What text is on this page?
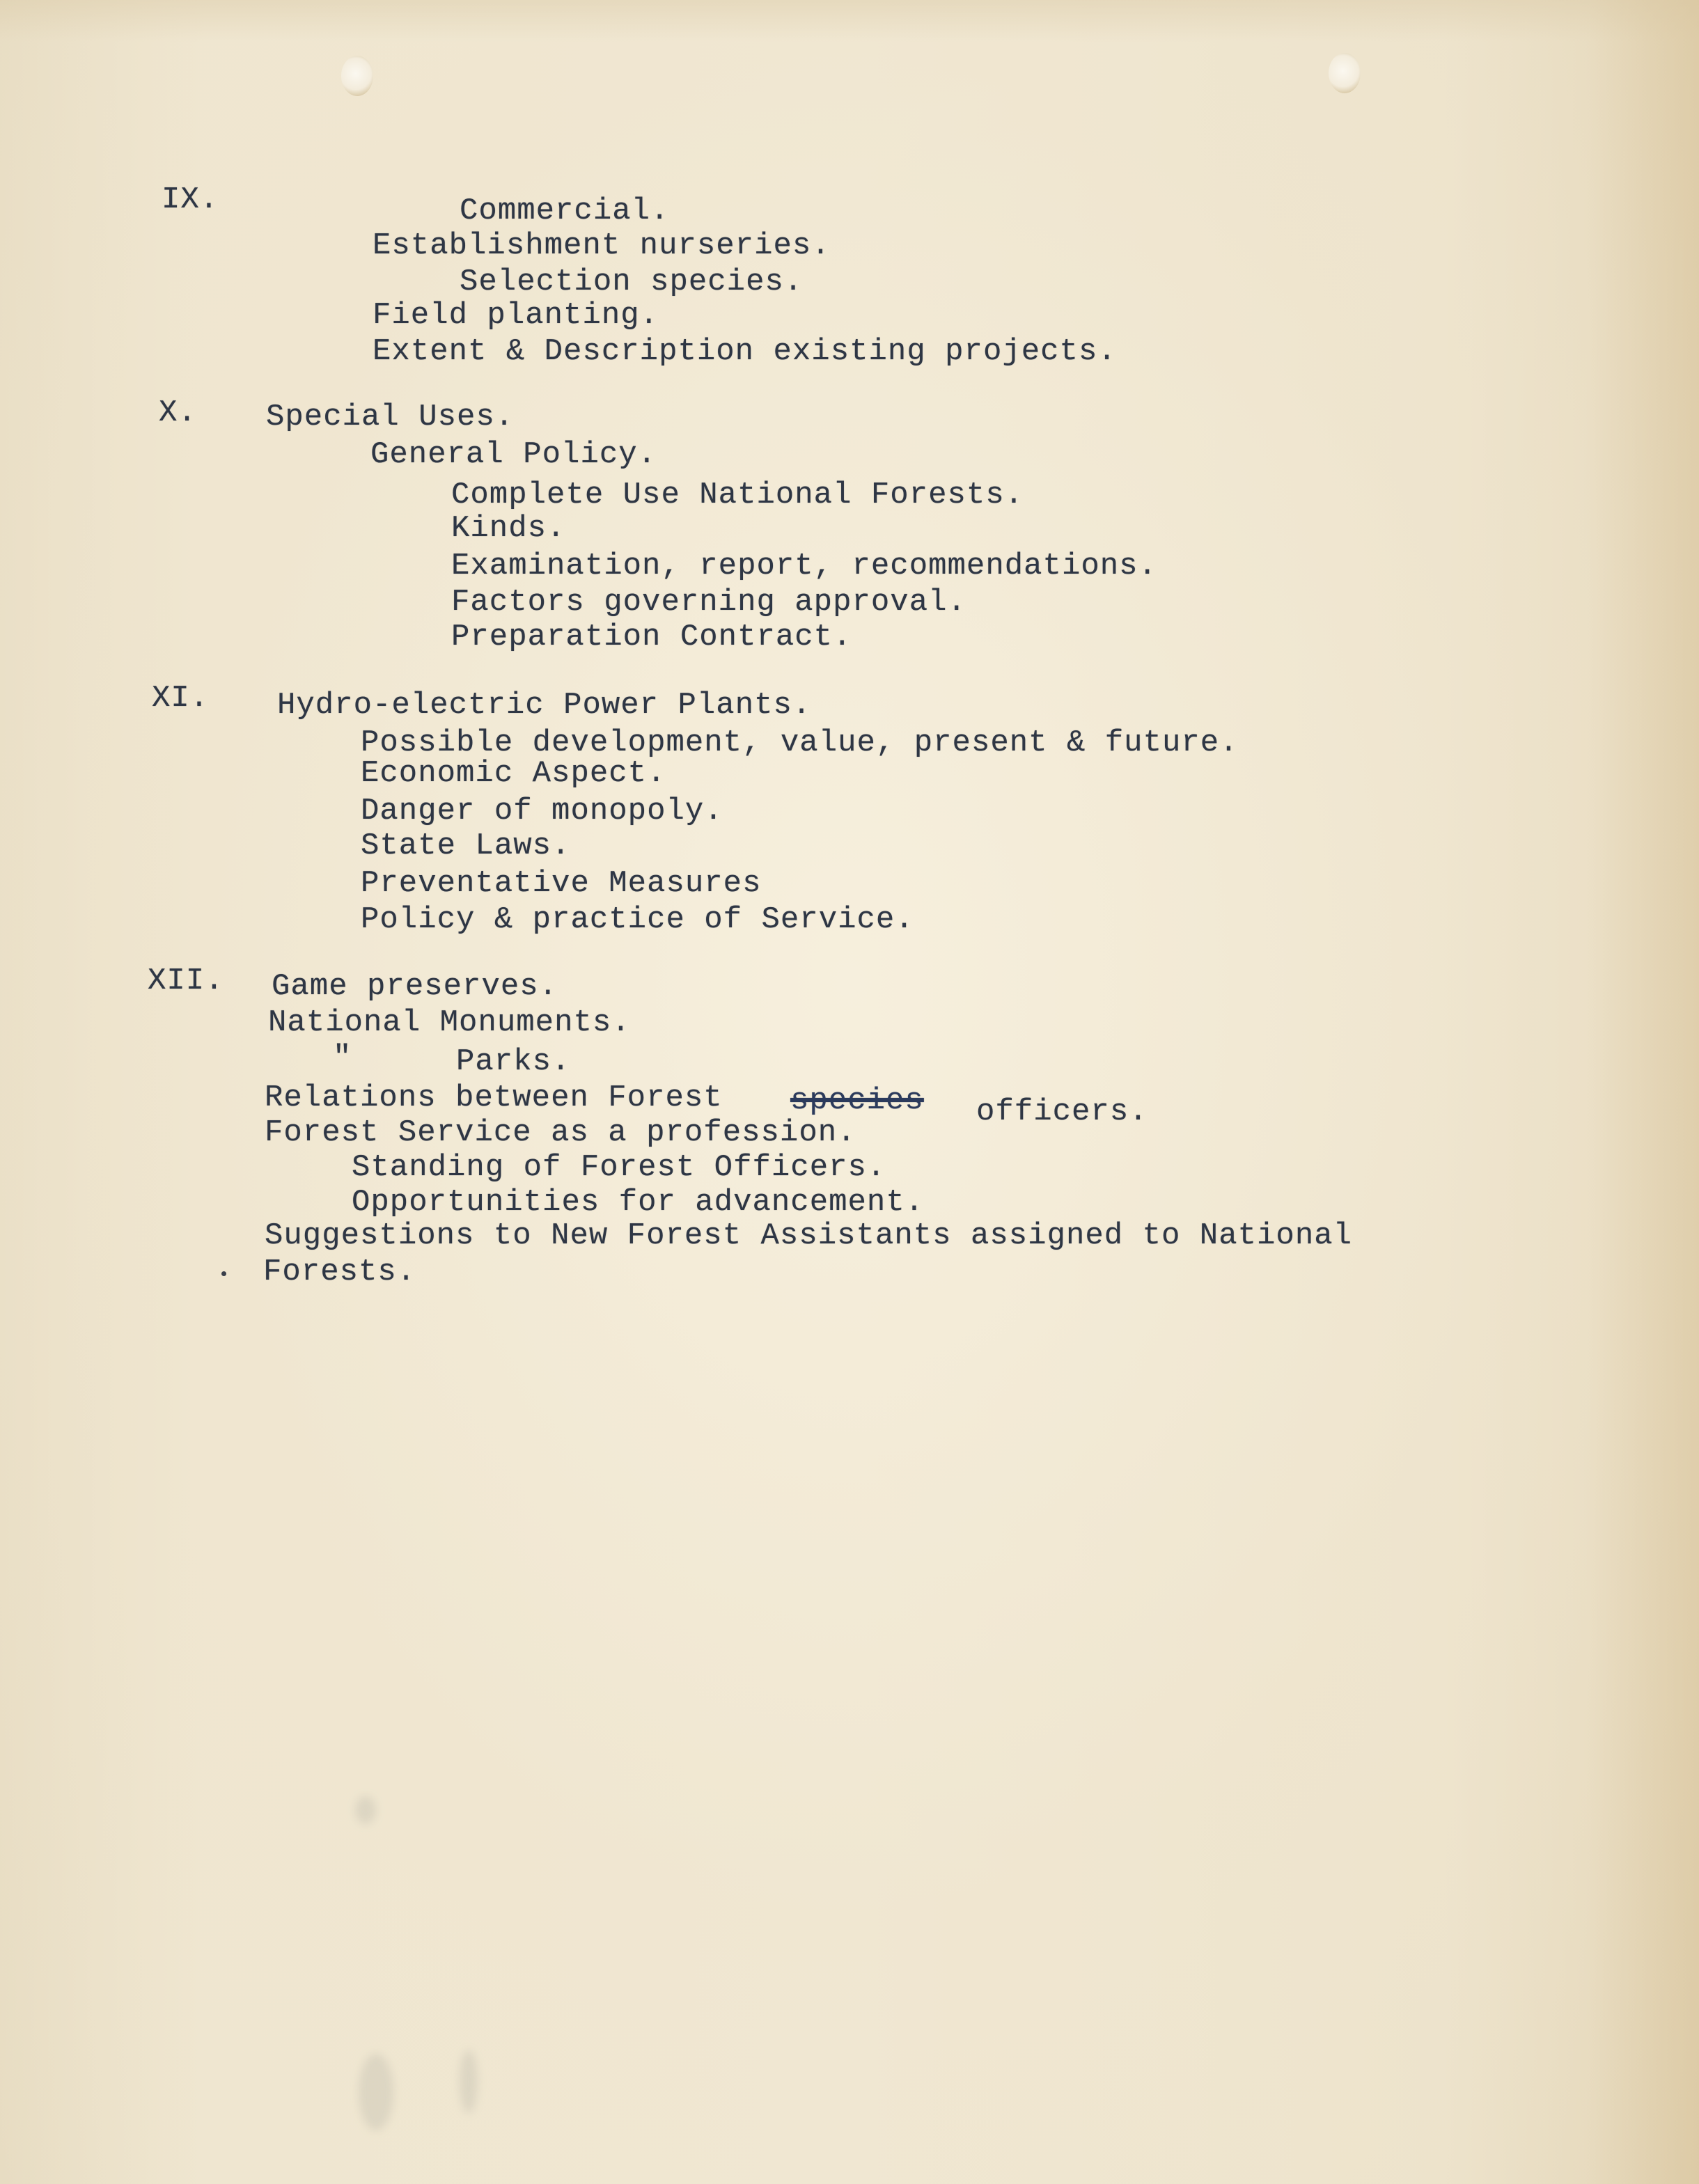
IX.	Commercial.

Establishment nurseries.

Selection species.

Field planting.

Extent & Description existing projects.

X. Special Uses.

General Policy.

Complete Use National Forests.

Kinds.

Examination, report, recommendations.

Factors governing approval.

Preparation Contract.

XI. Hydro-electric Power Plants.

Possible development, value, present & future.

Economic Aspect.

Danger of monopoly.

State Laws.

Preventative Measures

Policy & practice of Service.

XII. Game preserves.

National Monuments.

"	Parks.

Relations between Forest species officers.

Forest Service as a profession.

Standing of Forest Officers.

Opportunities for advancement.

Suggestions to New Forest Assistants assigned to National

Forests.
